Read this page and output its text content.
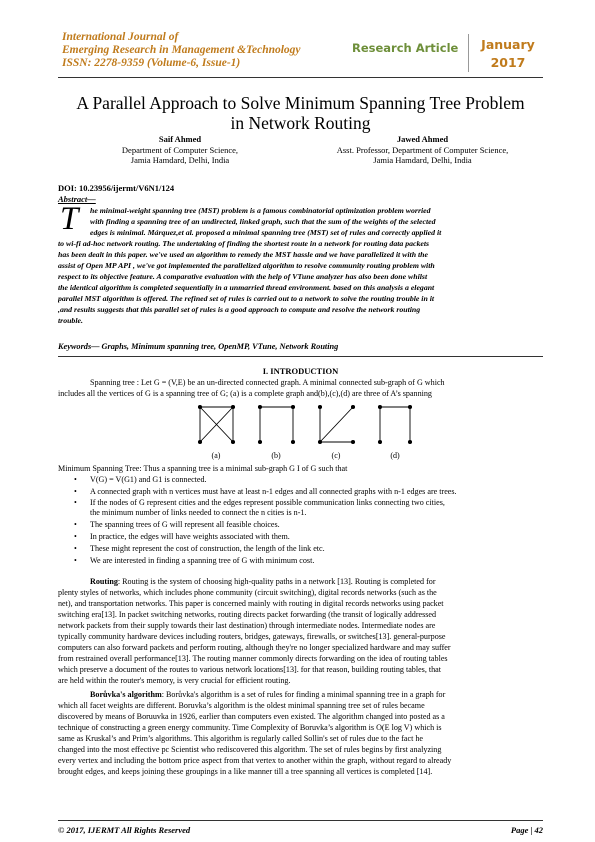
International Journal of
Emerging Research in Management &Technology
ISSN: 2278-9359 (Volume-6, Issue-1)
Research Article January
2017
A Parallel Approach to Solve Minimum Spanning Tree Problem
in Network Routing
Saif Ahmed
Department of Computer Science,
Jamia Hamdard, Delhi, India
Jawed Ahmed
Asst. Professor, Department of Computer Science,
Jamia Hamdard, Delhi, India
DOI: 10.23956/ijermt/V6N1/124
Abstract—
T he minimal-weight spanning tree (MST) problem is a famous combinatorial optimization problem worried
with finding a spanning tree of an undirected, linked graph, such that the sum of the weights of the selected
edges is minimal. Márquez,et al. proposed a minimal spanning tree (MST) set of rules and correctly applied it
to wi-fi ad-hoc network routing. The undertaking of finding the shortest route in a network for routing data packets
has been dealt in this paper. we've used an algorithm to remedy the MST hassle and we have parallelized it with the
assist of Open MP API , we've got implemented the parallelized algorithm to resolve community routing problem with
respect to its objective feature. A comparative evaluation with the help of VTune analyzer has also been done whilst
the identical algorithm is completed sequentially in a unmarried thread environment. based on this analysis a elegant
parallel MST algorithm is offered. The refined set of rules is carried out to a network to solve the routing trouble in it
,and results suggests that this parallel set of rules is a good approach to compute and resolve the network routing
trouble.
Keywords— Graphs, Minimum spanning tree, OpenMP, VTune, Network Routing
I. INTRODUCTION
Spanning tree : Let G = (V,E) be an un-directed connected graph. A minimal connected sub-graph of G which
includes all the vertices of G is a spanning tree of G; (a) is a complete graph and(b),(c),(d) are three of A’s spanning
(a)	(b)	(c)	(d)
Minimum Spanning Tree: Thus a spanning tree is a minimal sub-graph G I of G such that
• V(G) = V(G1) and G1 is connected.
• A connected graph with n vertices must have at least n-1 edges and all connected graphs with n-1 edges are trees.
• If the nodes of G represent cities and the edges represent possible communication links connecting two cities,
the minimum number of links needed to connect the n cities is n-1.
• The spanning trees of G will represent all feasible choices.
• In practice, the edges will have weights associated with them.
• These might represent the cost of construction, the length of the link etc.
• We are interested in finding a spanning tree of G with minimum cost.
Routing: Routing is the system of choosing high-quality paths in a network [13]. Routing is completed for
plenty styles of networks, which includes phone community (circuit switching), digital records networks (such as the
net), and transportation networks. This paper is concerned mainly with routing in digital records networks using packet
switching era[13]. In packet switching networks, routing directs packet forwarding (the transit of logically addressed
network packets from their supply towards their last destination) through intermediate nodes. Intermediate nodes are
typically community hardware devices including routers, bridges, gateways, firewalls, or switches[13]. general-purpose
computers can also forward packets and perform routing, although they're no longer specialized hardware and may suffer
from restrained overall performance[13]. The routing manner commonly directs forwarding on the idea of routing tables
which preserve a document of the routes to various network locations[13]. for that reason, building routing tables, that
are held within the router's memory, is very crucial for efficient routing.
Borůvka's algorithm: Borůvka's algorithm is a set of rules for finding a minimal spanning tree in a graph for
which all facet weights are different. Boruvka’s algorithm is the oldest minimal spanning tree set of rules became
discovered by means of Boruuvka in 1926, earlier than computers even existed. The algorithm changed into posted as a
technique of constructing a green energy community. Time Complexity of Boruvka’s algorithm is O(E log V) which is
same as Kruskal’s and Prim’s algorithms. This algorithm is regularly called Sollin's set of rules due to the fact he
changed into the most effective pc Scientist who rediscovered this algorithm. The set of rules begins by first analyzing
every vertex and including the bottom price aspect from that vertex to another within the graph, without regard to already
brought edges, and keeps joining these groupings in a like manner till a tree spanning all vertices is completed [14].
© 2017, IJERMT All Rights Reserved	Page | 42
